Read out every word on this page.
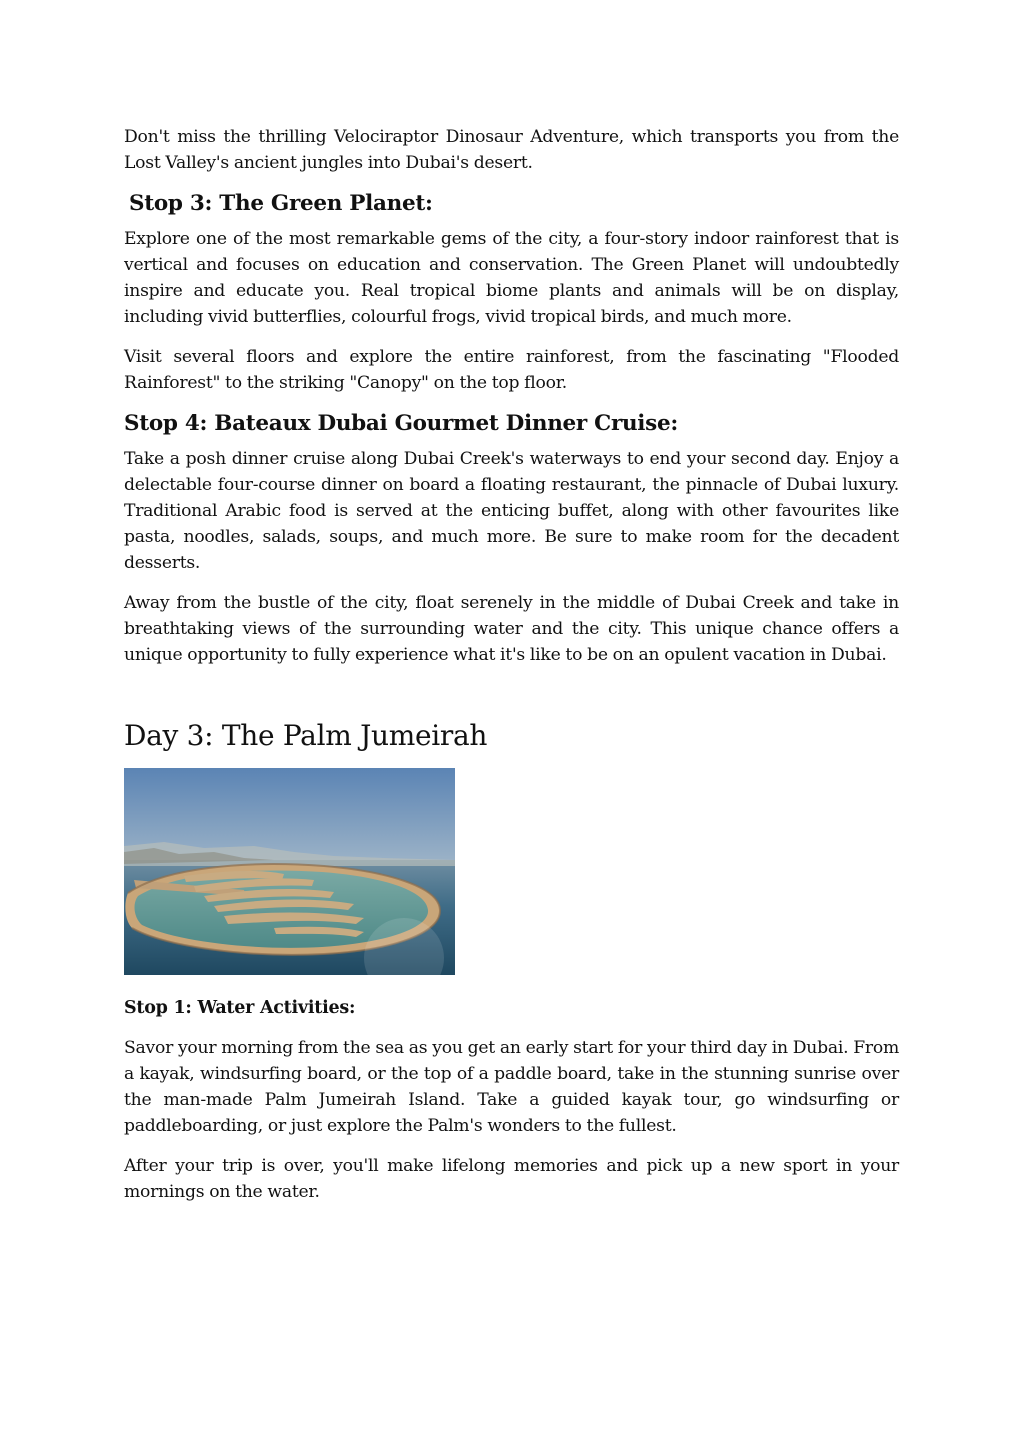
Don't miss the thrilling Velociraptor Dinosaur Adventure, which transports you from the Lost Valley's ancient jungles into Dubai's desert.

Stop 3: The Green Planet:

Explore one of the most remarkable gems of the city, a four-story indoor rainforest that is vertical and focuses on education and conservation. The Green Planet will undoubtedly inspire and educate you. Real tropical biome plants and animals will be on display, including vivid butterflies, colourful frogs, vivid tropical birds, and much more.

Visit several floors and explore the entire rainforest, from the fascinating "Flooded Rainforest" to the striking "Canopy" on the top floor.

Stop 4: Bateaux Dubai Gourmet Dinner Cruise:

Take a posh dinner cruise along Dubai Creek's waterways to end your second day. Enjoy a delectable four-course dinner on board a floating restaurant, the pinnacle of Dubai luxury. Traditional Arabic food is served at the enticing buffet, along with other favourites like pasta, noodles, salads, soups, and much more. Be sure to make room for the decadent desserts.

Away from the bustle of the city, float serenely in the middle of Dubai Creek and take in breathtaking views of the surrounding water and the city. This unique chance offers a unique opportunity to fully experience what it's like to be on an opulent vacation in Dubai.

Day 3: The Palm Jumeirah
Stop 1: Water Activities:

Savor your morning from the sea as you get an early start for your third day in Dubai. From a kayak, windsurfing board, or the top of a paddle board, take in the stunning sunrise over the man-made Palm Jumeirah Island. Take a guided kayak tour, go windsurfing or paddleboarding, or just explore the Palm's wonders to the fullest.

After your trip is over, you'll make lifelong memories and pick up a new sport in your mornings on the water.
